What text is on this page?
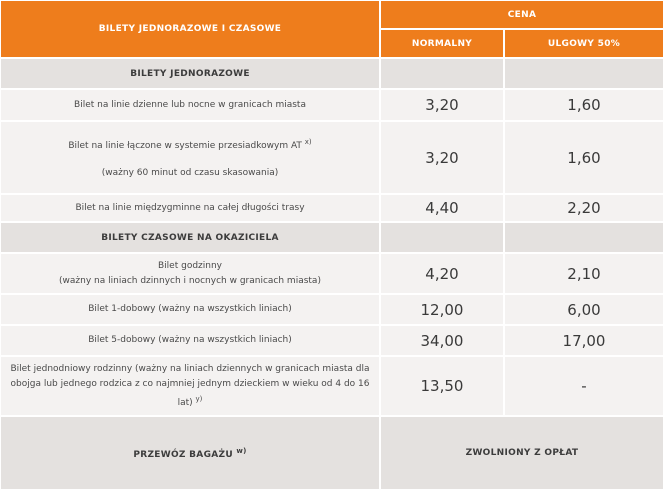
BILETY JEDNORAZOWE I CZASOWE	CENA	
	NORMALNY	ULGOWY 50%
BILETY JEDNORAZOWE		
Bilet na linie dzienne lub nocne w granicach miasta	3,20	1,60

Bilet na linie łączone w systemie przesiadkowym AT $^{x)}$
(ważny 60 minut od czasu skasowania)	3,20	1,60
Bilet na linie międzygminne na całej długości trasy	4,40	2,20
BILETY CZASOWE NA OKAZICIELA		

Bilet godzinny
(ważny na liniach dzinnych i nocnych w granicach miasta)	4,20	2,10
Bilet 1-dobowy (ważny na wszystkich liniach)	12,00	6,00
Bilet 5-dobowy (ważny na wszystkich liniach)	34,00	17,00
Bilet jednodniowy rodzinny (ważny na liniach dziennych w granicach miasta dla obojga lub jednego rodzica z co najmniej jednym dzieckiem w wieku od 4 do 16 lat) $^{y)}$	13,50	-
PRZEWÓZ BAGAŻU $^{w)}$	ZWOLNIONY Z OPŁAT	
